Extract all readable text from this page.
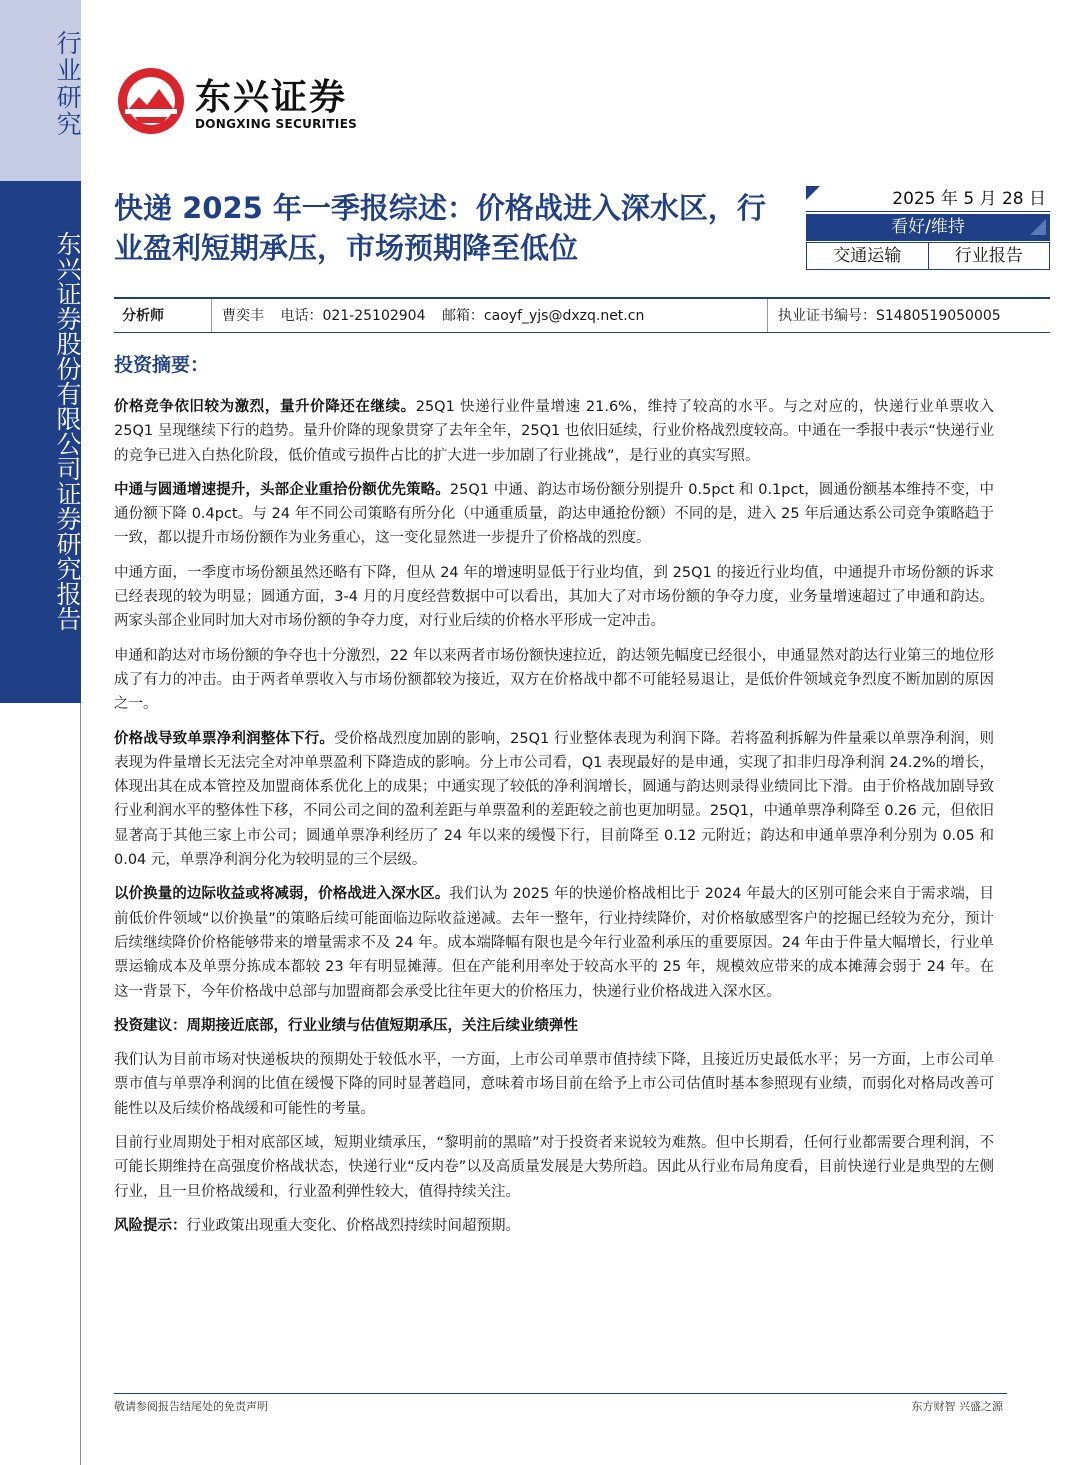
行业研究
东兴证券股份有限公司证券研究报告
东兴证券
DONGXING SECURITIES
快递 2025 年一季报综述：价格战进入深水区，行业盈利短期承压，市场预期降至低位
2025 年 5 月 28 日
看好/维持
交通运输	行业报告
分析师	曹奕丰 电话：021-25102904 邮箱：caoyf_yjs@dxzq.net.cn	执业证书编号：S1480519050005
投资摘要：

价格竞争依旧较为激烈，量升价降还在继续。25Q1 快递行业件量增速 21.6%，维持了较高的水平。与之对应的，快递行业单票收入 25Q1 呈现继续下行的趋势。量升价降的现象贯穿了去年全年，25Q1 也依旧延续，行业价格战烈度较高。中通在一季报中表示“快递行业的竞争已进入白热化阶段，低价值或亏损件占比的扩大进一步加剧了行业挑战”，是行业的真实写照。

中通与圆通增速提升，头部企业重拾份额优先策略。25Q1 中通、韵达市场份额分别提升 0.5pct 和 0.1pct，圆通份额基本维持不变，中通份额下降 0.4pct。与 24 年不同公司策略有所分化（中通重质量，韵达申通抢份额）不同的是，进入 25 年后通达系公司竞争策略趋于一致，都以提升市场份额作为业务重心，这一变化显然进一步提升了价格战的烈度。

中通方面，一季度市场份额虽然还略有下降，但从 24 年的增速明显低于行业均值，到 25Q1 的接近行业均值，中通提升市场份额的诉求已经表现的较为明显；圆通方面，3-4 月的月度经营数据中可以看出，其加大了对市场份额的争夺力度，业务量增速超过了申通和韵达。两家头部企业同时加大对市场份额的争夺力度，对行业后续的价格水平形成一定冲击。

申通和韵达对市场份额的争夺也十分激烈，22 年以来两者市场份额快速拉近，韵达领先幅度已经很小，申通显然对韵达行业第三的地位形成了有力的冲击。由于两者单票收入与市场份额都较为接近，双方在价格战中都不可能轻易退让，是低价件领域竞争烈度不断加剧的原因之一。

价格战导致单票净利润整体下行。受价格战烈度加剧的影响，25Q1 行业整体表现为利润下降。若将盈利拆解为件量乘以单票净利润，则表现为件量增长无法完全对冲单票盈利下降造成的影响。分上市公司看，Q1 表现最好的是申通，实现了扣非归母净利润 24.2%的增长，体现出其在成本管控及加盟商体系优化上的成果；中通实现了较低的净利润增长，圆通与韵达则录得业绩同比下滑。由于价格战加剧导致行业利润水平的整体性下移，不同公司之间的盈利差距与单票盈利的差距较之前也更加明显。25Q1，中通单票净利降至 0.26 元，但依旧显著高于其他三家上市公司；圆通单票净利经历了 24 年以来的缓慢下行，目前降至 0.12 元附近；韵达和申通单票净利分别为 0.05 和 0.04 元，单票净利润分化为较明显的三个层级。

以价换量的边际收益或将减弱，价格战进入深水区。我们认为 2025 年的快递价格战相比于 2024 年最大的区别可能会来自于需求端，目前低价件领域“以价换量”的策略后续可能面临边际收益递减。去年一整年，行业持续降价，对价格敏感型客户的挖掘已经较为充分，预计后续继续降价价格能够带来的增量需求不及 24 年。成本端降幅有限也是今年行业盈利承压的重要原因。24 年由于件量大幅增长，行业单票运输成本及单票分拣成本都较 23 年有明显摊薄。但在产能利用率处于较高水平的 25 年，规模效应带来的成本摊薄会弱于 24 年。在这一背景下，今年价格战中总部与加盟商都会承受比往年更大的价格压力，快递行业价格战进入深水区。

投资建议：周期接近底部，行业业绩与估值短期承压，关注后续业绩弹性

我们认为目前市场对快递板块的预期处于较低水平，一方面，上市公司单票市值持续下降，且接近历史最低水平；另一方面，上市公司单票市值与单票净利润的比值在缓慢下降的同时显著趋同，意味着市场目前在给予上市公司估值时基本参照现有业绩，而弱化对格局改善可能性以及后续价格战缓和可能性的考量。

目前行业周期处于相对底部区域，短期业绩承压，“黎明前的黑暗”对于投资者来说较为难熬。但中长期看，任何行业都需要合理利润，不可能长期维持在高强度价格战状态，快递行业“反内卷”以及高质量发展是大势所趋。因此从行业布局角度看，目前快递行业是典型的左侧行业，且一旦价格战缓和，行业盈利弹性较大，值得持续关注。

风险提示：行业政策出现重大变化、价格战烈持续时间超预期。

敬请参阅报告结尾处的免责声明	东方财智 兴盛之源
